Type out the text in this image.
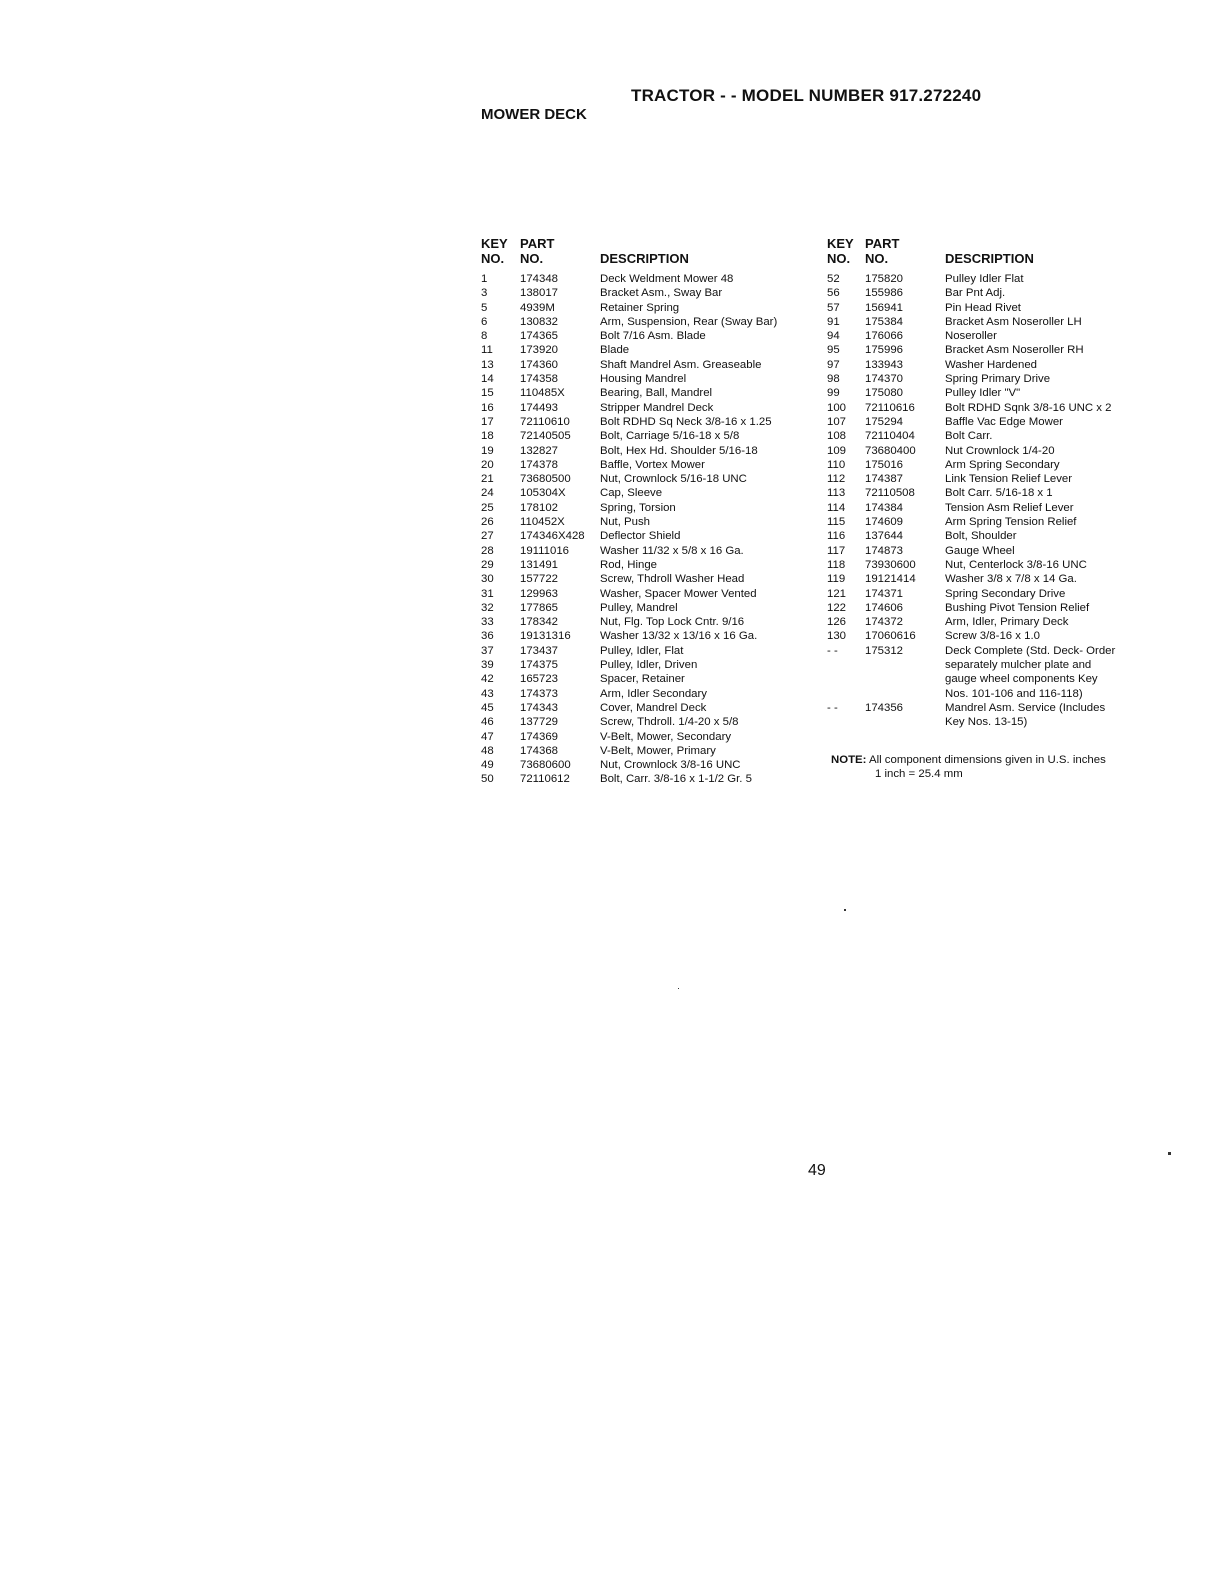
TRACTOR - - MODEL NUMBER 917.272240
MOWER DECK
KEY
NO.
PART
NO.	DESCRIPTION
1	174348	Deck Weldment Mower 48
3	138017	Bracket Asm., Sway Bar
5	4939M	Retainer Spring
6	130832	Arm, Suspension, Rear (Sway Bar)
8	174365	Bolt 7/16 Asm. Blade
11 173920	Blade
13 174360	Shaft Mandrel Asm. Greaseable
14 174358	Housing Mandrel
15 110485X	Bearing, Ball, Mandrel
16 174493	Stripper Mandrel Deck
17 72110610	Bolt RDHD Sq Neck 3/8-16 x 1.25
18 72140505	Bolt, Carriage 5/16-18 x 5/8
19 132827	Bolt, Hex Hd. Shoulder 5/16-18
20 174378	Baffle, Vortex Mower
21 73680500	Nut, Crownlock 5/16-18 UNC
24 105304X	Cap, Sleeve
25 178102	Spring, Torsion
26 110452X	Nut, Push
27 174346X428 Deflector Shield
28 19111016	Washer 11/32 x 5/8 x 16 Ga.
29 131491	Rod, Hinge
30 157722	Screw, Thdroll Washer Head
31 129963	Washer, Spacer Mower Vented
32 177865	Pulley, Mandrel
33 178342	Nut, Flg. Top Lock Cntr. 9/16
36 19131316	Washer 13/32 x 13/16 x 16 Ga.
37 173437	Pulley, Idler, Flat
39 174375	Pulley, Idler, Driven
42 165723	Spacer, Retainer
43 174373	Arm, Idler Secondary
45 174343	Cover, Mandrel Deck
46 137729	Screw, Thdroll. 1/4-20 x 5/8
47 174369	V-Belt, Mower, Secondary
48 174368	V-Belt, Mower, Primary
49 73680600	Nut, Crownlock 3/8-16 UNC
50 72110612	Bolt, Carr. 3/8-16 x 1-1/2 Gr. 5
KEY
NO.
PART
NO.	DESCRIPTION
52 175820	Pulley Idler Flat
56 155986	Bar Pnt Adj.
57 156941	Pin Head Rivet
91 175384	Bracket Asm Noseroller LH
94 176066	Noseroller
95 175996	Bracket Asm Noseroller RH
97 133943	Washer Hardened
98 174370	Spring Primary Drive
99 175080	Pulley Idler "V"
100 72110616	Bolt RDHD Sqnk 3/8-16 UNC x 2
107 175294	Baffle Vac Edge Mower
108 72110404	Bolt Carr.
109 73680400	Nut Crownlock 1/4-20
110 175016	Arm Spring Secondary
112 174387	Link Tension Relief Lever
113 72110508	Bolt Carr. 5/16-18 x 1
114 174384	Tension Asm Relief Lever
115 174609	Arm Spring Tension Relief
116 137644	Bolt, Shoulder
117 174873	Gauge Wheel
118 73930600	Nut, Centerlock 3/8-16 UNC
119 19121414	Washer 3/8 x 7/8 x 14 Ga.
121 174371	Spring Secondary Drive
122 174606	Bushing Pivot Tension Relief
126 174372	Arm, Idler, Primary Deck
130 17060616	Screw 3/8-16 x 1.0
- - 175312	Deck Complete (Std. Deck- Order
separately mulcher plate and
gauge wheel components Key
Nos. 101-106 and 116-118)
- - 174356	Mandrel Asm. Service (Includes
Key Nos. 13-15)
NOTE: All component dimensions given in U.S. inches
1 inch = 25.4 mm
49
